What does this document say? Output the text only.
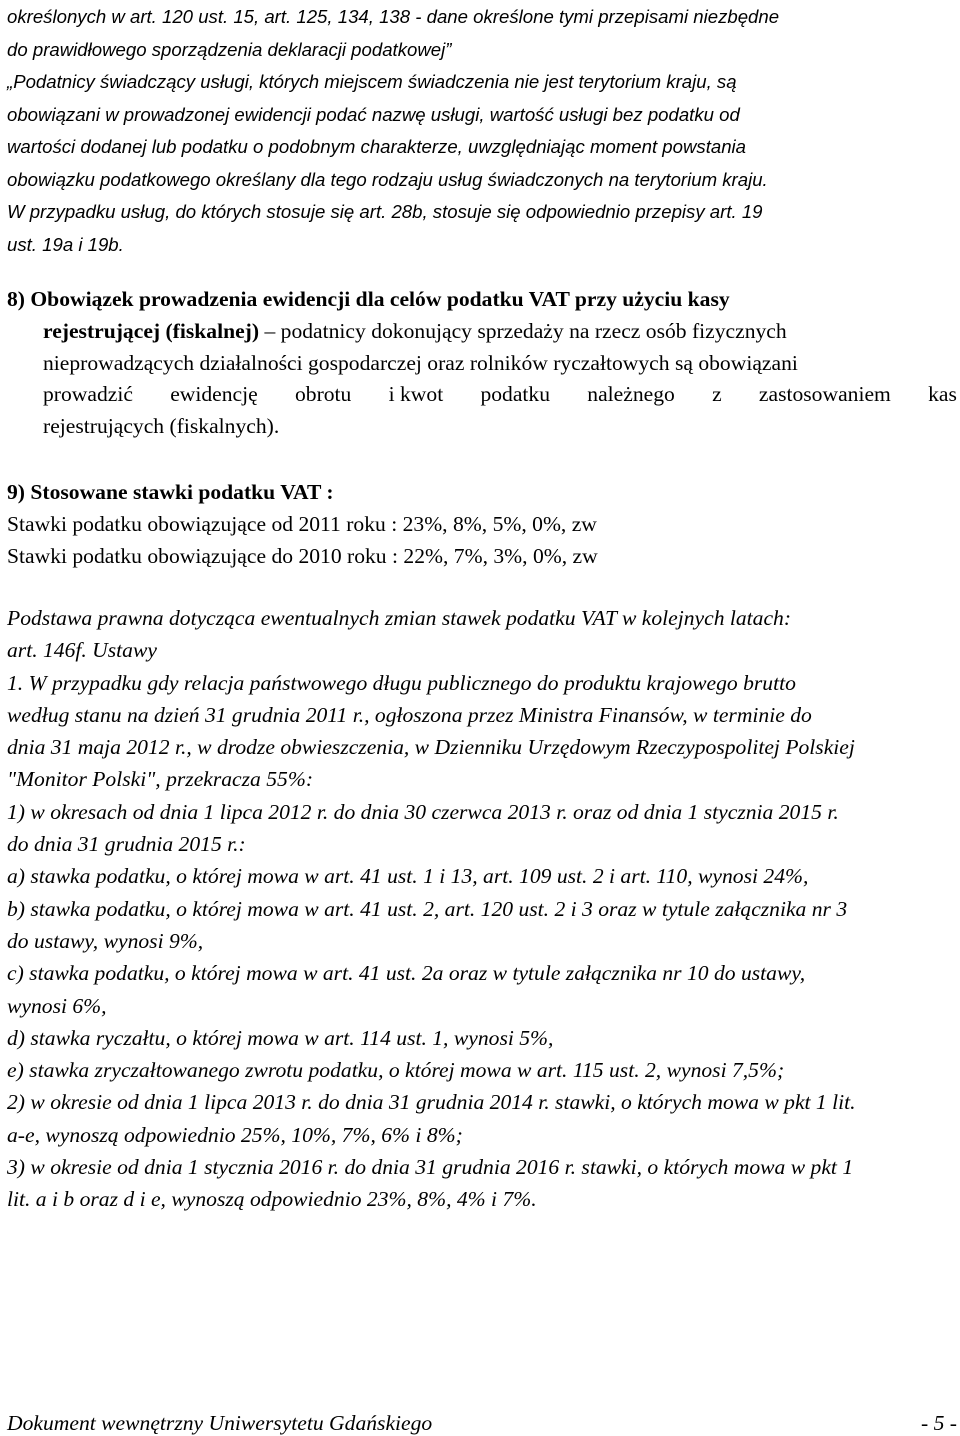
określonych w art. 120 ust. 15, art. 125, 134, 138 - dane określone tymi przepisami niezbędne
do prawidłowego sporządzenia deklaracji podatkowej”
„Podatnicy świadczący usługi, których miejscem świadczenia nie jest terytorium kraju, są
obowiązani w prowadzonej ewidencji podać nazwę usługi, wartość usługi bez podatku od
wartości dodanej lub podatku o podobnym charakterze, uwzględniając moment powstania
obowiązku podatkowego określany dla tego rodzaju usług świadczonych na terytorium kraju.
W przypadku usług, do których stosuje się art. 28b, stosuje się odpowiednio przepisy art. 19
ust. 19a i 19b.
8) Obowiązek prowadzenia ewidencji dla celów podatku VAT przy użyciu kasy
rejestrującej (fiskalnej) – podatnicy dokonujący sprzedaży na rzecz osób fizycznych
nieprowadzących działalności gospodarczej oraz rolników ryczałtowych są obowiązani
prowadzić ewidencję obrotu i kwot podatku należnego z zastosowaniem kas
rejestrujących (fiskalnych).
9) Stosowane stawki podatku VAT :
Stawki podatku obowiązujące od 2011 roku : 23%, 8%, 5%, 0%, zw
Stawki podatku obowiązujące do 2010 roku : 22%, 7%, 3%, 0%, zw
Podstawa prawna dotycząca ewentualnych zmian stawek podatku VAT w kolejnych latach:
art. 146f. Ustawy
1. W przypadku gdy relacja państwowego długu publicznego do produktu krajowego brutto
według stanu na dzień 31 grudnia 2011 r., ogłoszona przez Ministra Finansów, w terminie do
dnia 31 maja 2012 r., w drodze obwieszczenia, w Dzienniku Urzędowym Rzeczypospolitej Polskiej
"Monitor Polski", przekracza 55%:
1) w okresach od dnia 1 lipca 2012 r. do dnia 30 czerwca 2013 r. oraz od dnia 1 stycznia 2015 r.
do dnia 31 grudnia 2015 r.:
a) stawka podatku, o której mowa w art. 41 ust. 1 i 13, art. 109 ust. 2 i art. 110, wynosi 24%,
b) stawka podatku, o której mowa w art. 41 ust. 2, art. 120 ust. 2 i 3 oraz w tytule załącznika nr 3
do ustawy, wynosi 9%,
c) stawka podatku, o której mowa w art. 41 ust. 2a oraz w tytule załącznika nr 10 do ustawy,
wynosi 6%,
d) stawka ryczałtu, o której mowa w art. 114 ust. 1, wynosi 5%,
e) stawka zryczałtowanego zwrotu podatku, o której mowa w art. 115 ust. 2, wynosi 7,5%;
2) w okresie od dnia 1 lipca 2013 r. do dnia 31 grudnia 2014 r. stawki, o których mowa w pkt 1 lit.
a-e, wynoszą odpowiednio 25%, 10%, 7%, 6% i 8%;
3) w okresie od dnia 1 stycznia 2016 r. do dnia 31 grudnia 2016 r. stawki, o których mowa w pkt 1
lit. a i b oraz d i e, wynoszą odpowiednio 23%, 8%, 4% i 7%.
Dokument wewnętrzny Uniwersytetu Gdańskiego	- 5 -
